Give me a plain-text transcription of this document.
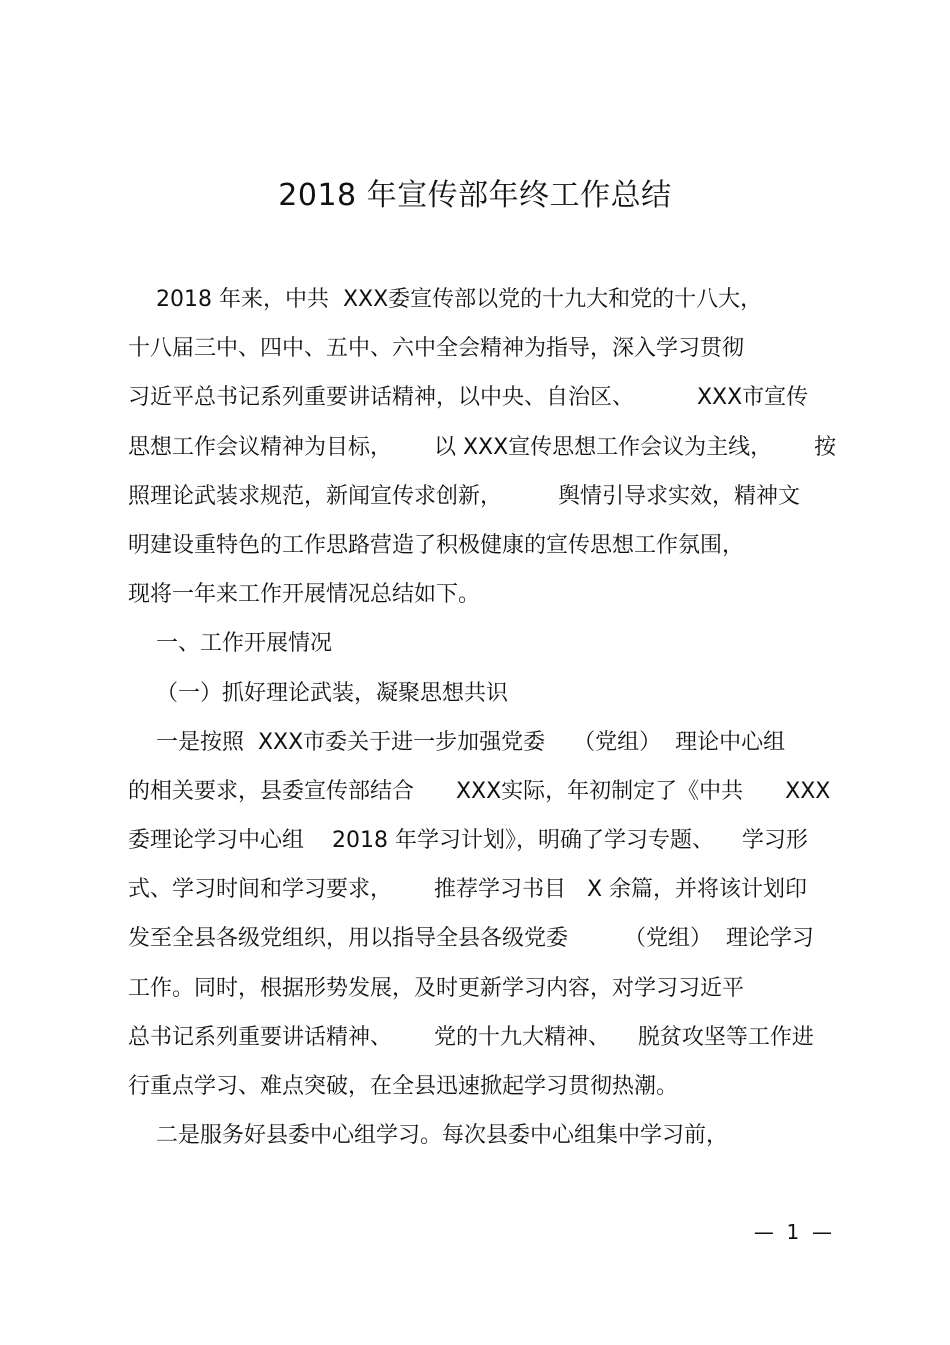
2018 年宣传部年终工作总结
2018 年来，中共  XXX委宣传部以党的十九大和党的十八大，
十八届三中、四中、五中、六中全会精神为指导，深入学习贯彻
习近平总书记系列重要讲话精神，以中央、自治区、         XXX市宣传
思想工作会议精神为目标，      以 XXX宣传思想工作会议为主线，      按
照理论武装求规范，新闻宣传求创新，        舆情引导求实效，精神文
明建设重特色的工作思路营造了积极健康的宣传思想工作氛围，
现将一年来工作开展情况总结如下。
一、工作开展情况
（一）抓好理论武装，凝聚思想共识
一是按照  XXX市委关于进一步加强党委    （党组）  理论中心组
的相关要求，县委宣传部结合      XXX实际，年初制定了《中共      XXX
委理论学习中心组    2018 年学习计划》，明确了学习专题、    学习形
式、学习时间和学习要求，      推荐学习书目   X 余篇，并将该计划印
发至全县各级党组织，用以指导全县各级党委        （党组）  理论学习
工作。同时，根据形势发展，及时更新学习内容，对学习习近平
总书记系列重要讲话精神、      党的十九大精神、    脱贫攻坚等工作进
行重点学习、难点突破，在全县迅速掀起学习贯彻热潮。
二是服务好县委中心组学习。每次县委中心组集中学习前，
—  1  —
